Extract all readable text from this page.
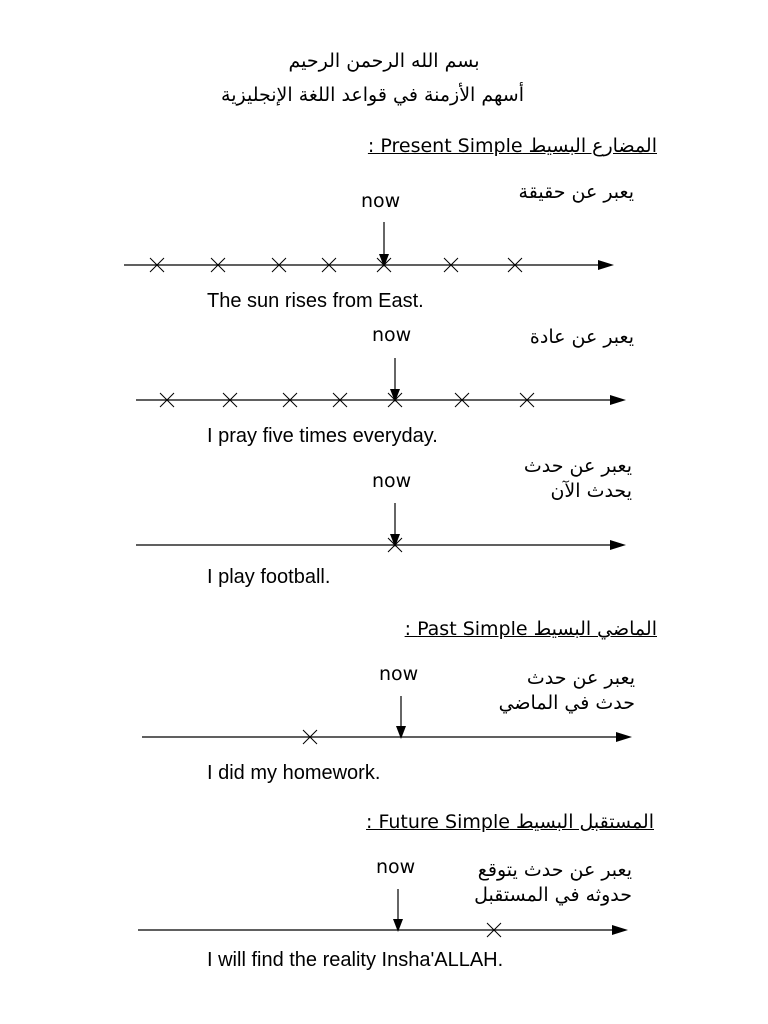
بسم الله الرحمن الرحيم
أسهم الأزمنة في قواعد اللغة الإنجليزية
المضارع البسيط Present Simple :
now	يعبر عن حقيقة
The sun rises from East.
now	يعبر عن عادة
I pray five times everyday.
now
يعبر عن حدث
يحدث الآن
I play football.
الماضي البسيط Past Simple :
now	يعبر عن حدث
حدث في الماضي
I did my homework.
المستقبل البسيط Future Simple :
now	يعبر عن حدث يتوقع
حدوثه في المستقبل
I will find the reality Insha'ALLAH.
